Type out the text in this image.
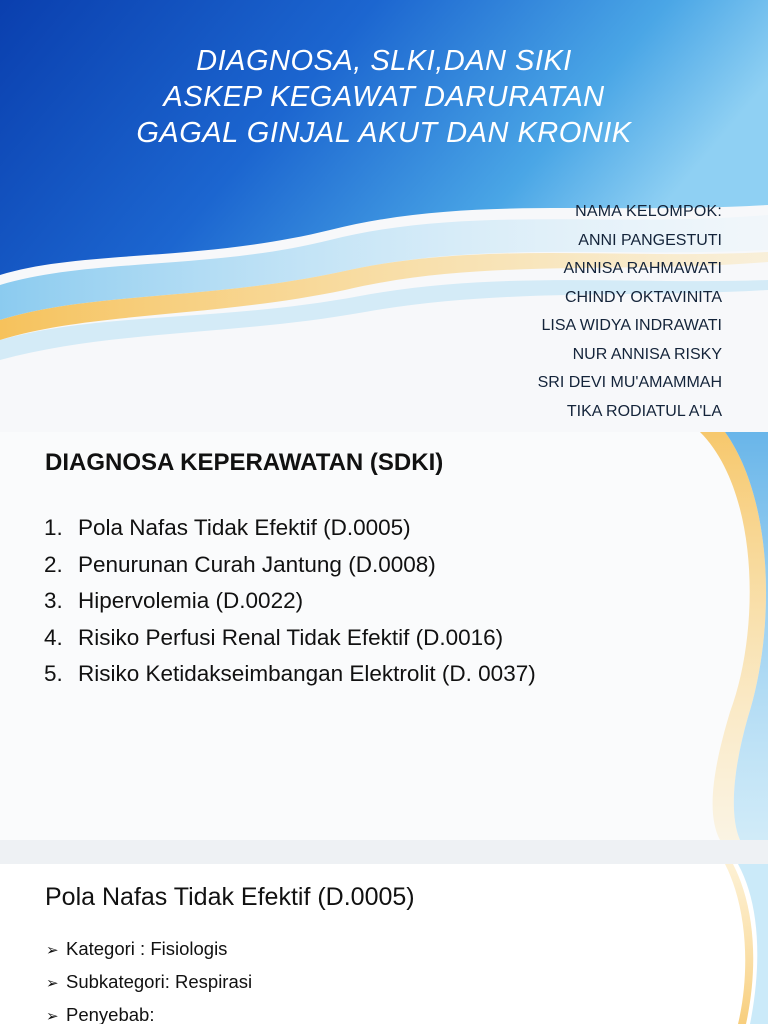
DIAGNOSA, SLKI,DAN SIKI
ASKEP KEGAWAT DARURATAN
GAGAL GINJAL AKUT DAN KRONIK
NAMA KELOMPOK:
ANNI PANGESTUTI
ANNISA RAHMAWATI
CHINDY OKTAVINITA
LISA WIDYA INDRAWATI
NUR ANNISA RISKY
SRI DEVI MU'AMAMMAH
TIKA RODIATUL A'LA
DIAGNOSA KEPERAWATAN (SDKI)
1. Pola Nafas Tidak Efektif (D.0005)
2. Penurunan Curah Jantung (D.0008)
3. Hipervolemia (D.0022)
4. Risiko Perfusi Renal Tidak Efektif (D.0016)
5. Risiko Ketidakseimbangan Elektrolit (D. 0037)
Pola Nafas Tidak Efektif (D.0005)
➢ Kategori : Fisiologis
➢ Subkategori: Respirasi
➢ Penyebab:
